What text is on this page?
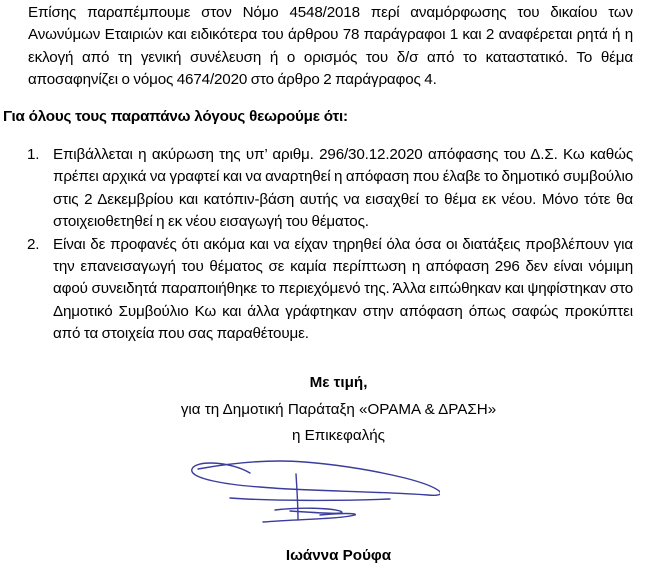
Επίσης παραπέμπουμε στον Νόμο 4548/2018 περί αναμόρφωσης του δικαίου των Ανωνύμων Εταιριών και ειδικότερα του άρθρου 78 παράγραφοι 1 και 2 αναφέρεται ρητά ή η εκλογή από τη γενική συνέλευση ή ο ορισμός του δ/σ από το καταστατικό. Το θέμα αποσαφηνίζει ο νόμος 4674/2020 στο άρθρο 2 παράγραφος 4.
Για όλους τους παραπάνω λόγους θεωρούμε ότι:
1. Επιβάλλεται η ακύρωση της υπ’ αριθμ. 296/30.12.2020 απόφασης του Δ.Σ. Κω καθώς πρέπει αρχικά να γραφτεί και να αναρτηθεί η απόφαση που έλαβε το δημοτικό συμβούλιο στις 2 Δεκεμβρίου και κατόπιν-βάση αυτής να εισαχθεί το θέμα εκ νέου. Μόνο τότε θα στοιχειοθετηθεί η εκ νέου εισαγωγή του θέματος.
2. Είναι δε προφανές ότι ακόμα και να είχαν τηρηθεί όλα όσα οι διατάξεις προβλέπουν για την επανεισαγωγή του θέματος σε καμία περίπτωση η απόφαση 296 δεν είναι νόμιμη αφού συνειδητά παραποιήθηκε το περιεχόμενό της. Άλλα ειπώθηκαν και ψηφίστηκαν στο Δημοτικό Συμβούλιο Κω και άλλα γράφτηκαν στην απόφαση όπως σαφώς προκύπτει από τα στοιχεία που σας παραθέτουμε.
Με τιμή,
για τη Δημοτική Παράταξη «ΟΡΑΜΑ & ΔΡΑΣΗ»
η Επικεφαλής
Ιωάννα Ρούφα
